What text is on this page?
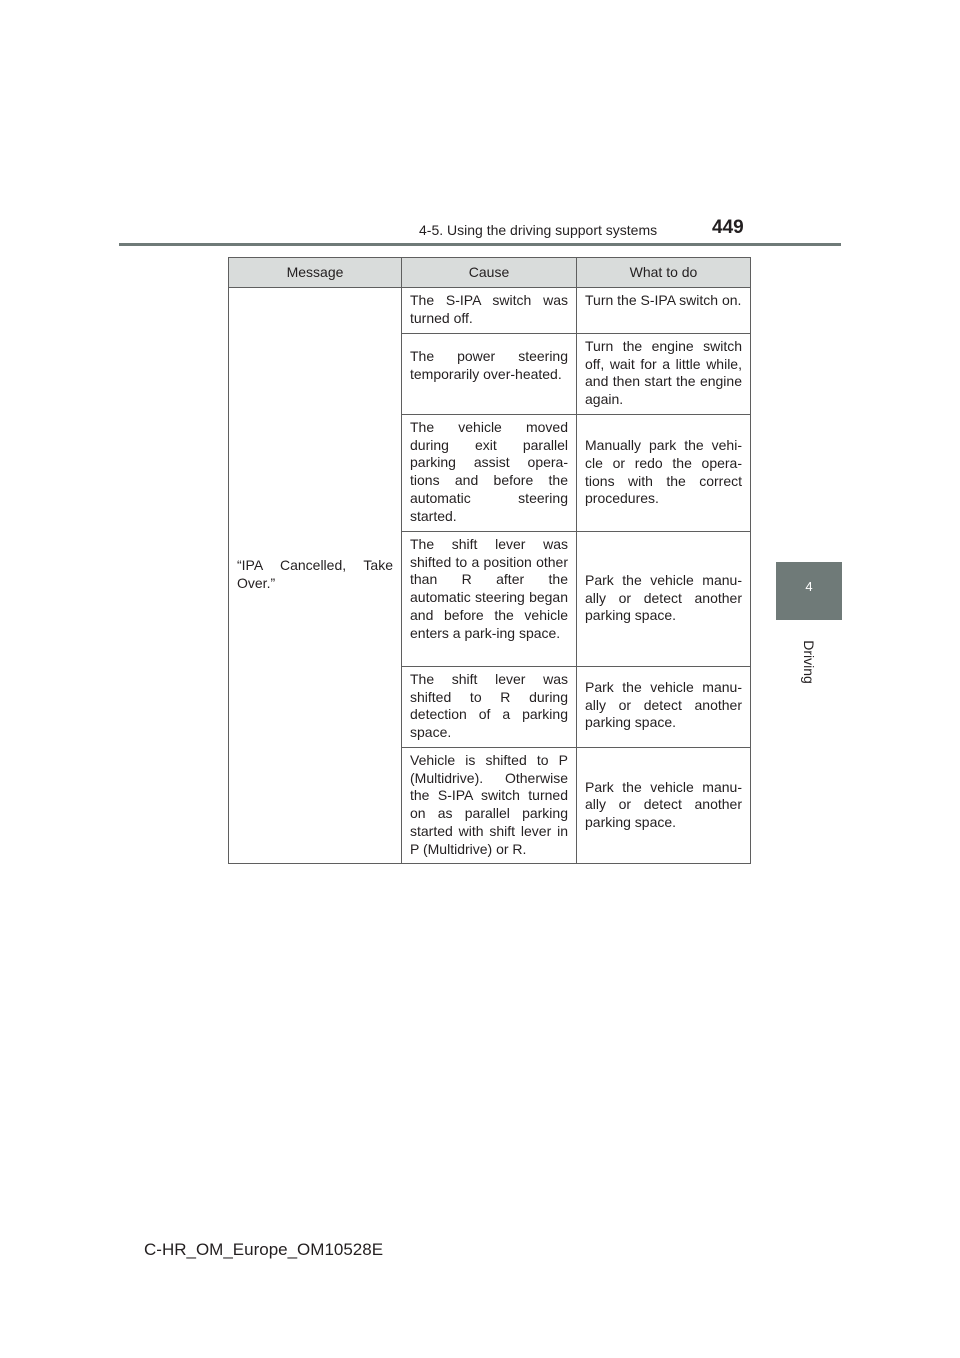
4-5. Using the driving support systems	449
4
Driving
Message	Cause	What to do
“IPA Cancelled, Take Over.”	The S-IPA switch was turned off.	Turn the S-IPA switch on.
	The power steering temporarily over-heated.	Turn the engine switch off, wait for a little while, and then start the engine again.
	The vehicle moved during exit parallel parking assist opera-tions and before the automatic steering started.	Manually park the vehi-cle or redo the opera-tions with the correct procedures.
	The shift lever was shifted to a position other than R after the automatic steering began and before the vehicle enters a park-ing space.	Park the vehicle manu-ally or detect another parking space.
	The shift lever was shifted to R during detection of a parking space.	Park the vehicle manu-ally or detect another parking space.
	Vehicle is shifted to P (Multidrive). Otherwise the S-IPA switch turned on as parallel parking started with shift lever in P (Multidrive) or R.	Park the vehicle manu-ally or detect another parking space.
C-HR_OM_Europe_OM10528E
